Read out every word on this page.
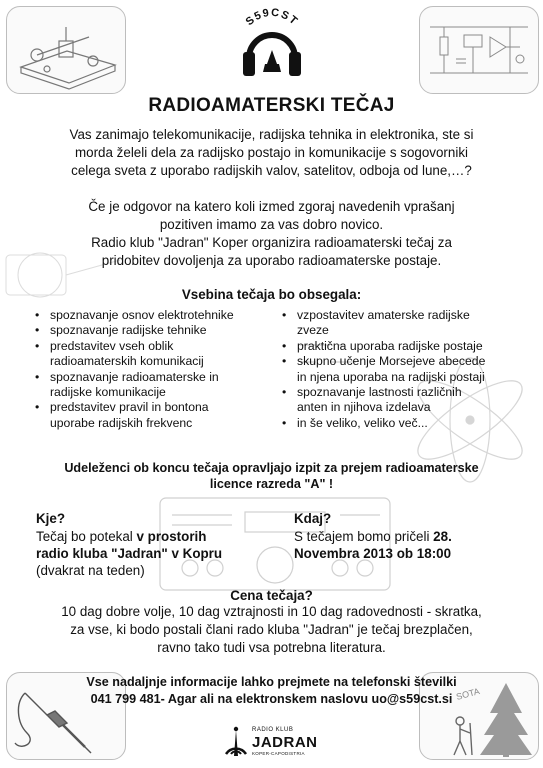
S59CST
RADIOAMATERSKI TEČAJ
Vas zanimajo telekomunikacije, radijska tehnika in elektronika, ste si
morda želeli dela za radijsko postajo in komunikacije s sogovorniki
celega sveta z uporabo radijskih valov, satelitov, odboja od lune,…?
Če je odgovor na katero koli izmed zgoraj navedenih vprašanj
pozitiven imamo za vas dobro novico.
Radio klub "Jadran" Koper organizira radioamaterski tečaj za
pridobitev dovoljenja za uporabo radioamaterske postaje.
Vsebina tečaja bo obsegala:
• spoznavanje osnov elektrotehnike
• spoznavanje radijske tehnike
• predstavitev vseh oblik
radioamaterskih komunikacij
• spoznavanje radioamaterske in
radijske komunikacije
• predstavitev pravil in bontona
uporabe radijskih frekvenc
• vzpostavitev amaterske radijske
zveze
• praktična uporaba radijske postaje
• skupno učenje Morsejeve abecede
in njena uporaba na radijski postaji
• spoznavanje lastnosti različnih
anten in njihova izdelava
• in še veliko, veliko več...
Udeleženci ob koncu tečaja opravljajo izpit za prejem radioamaterske
licence razreda "A" !
Kje?
Tečaj bo potekal v prostorih
radio kluba "Jadran" v Kopru
(dvakrat na teden)
Kdaj?
S tečajem bomo pričeli 28.
Novembra 2013 ob 18:00
Cena tečaja?
10 dag dobre volje, 10 dag vztrajnosti in 10 dag radovednosti - skratka,
za vse, ki bodo postali člani rado kluba "Jadran" je tečaj brezplačen,
ravno tako tudi vsa potrebna literatura.
SOTA
Vse nadaljnje informacije lahko prejmete na telefonski številki
041 799 481- Agar ali na elektronskem naslovu uo@s59cst.si
RADIO KLUB
JADRAN
KOPER-CAPODISTRIA
